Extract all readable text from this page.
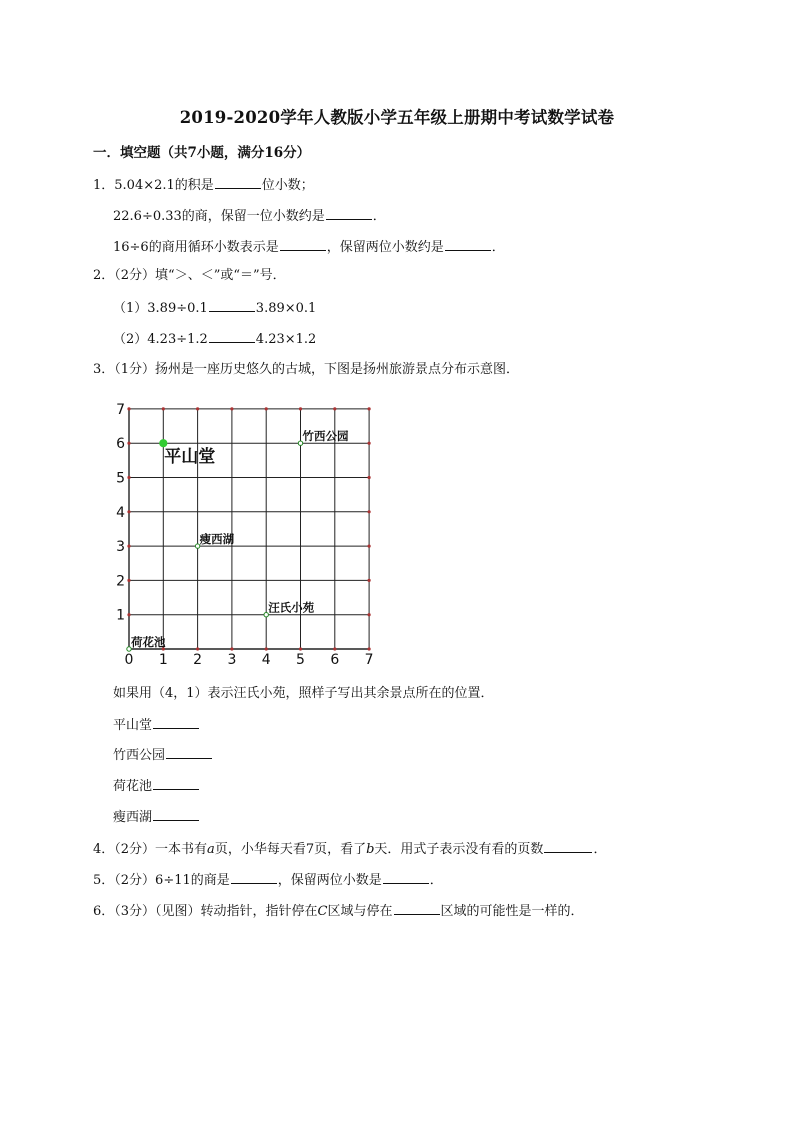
2019-2020学年人教版小学五年级上册期中考试数学试卷
一．填空题（共7小题，满分16分）
1．5.04×2.1的积是	位小数；
22.6÷0.33的商，保留一位小数约是	．
16÷6的商用循环小数表示是	，保留两位小数约是	．
2．（2分）填“＞、＜”或“＝”号．
（1）3.89÷0.1	3.89×0.1
（2）4.23÷1.2	4.23×1.2
3．（1分）扬州是一座历史悠久的古城，下图是扬州旅游景点分布示意图．
0 1 2 3 4 5 6 7
1
2
3
4
5
6
7
平山堂
竹西公园
瘦西湖
汪氏小苑
荷花池
如果用（4，1）表示汪氏小苑，照样子写出其余景点所在的位置．
平山堂
竹西公园
荷花池
瘦西湖
4．（2分）一本书有a页，小华每天看7页，看了b天．用式子表示没有看的页数	．
5．（2分）6÷11的商是	，保留两位小数是	．
6．（3分）（见图）转动指针，指针停在C区域与停在	区域的可能性是一样的．
